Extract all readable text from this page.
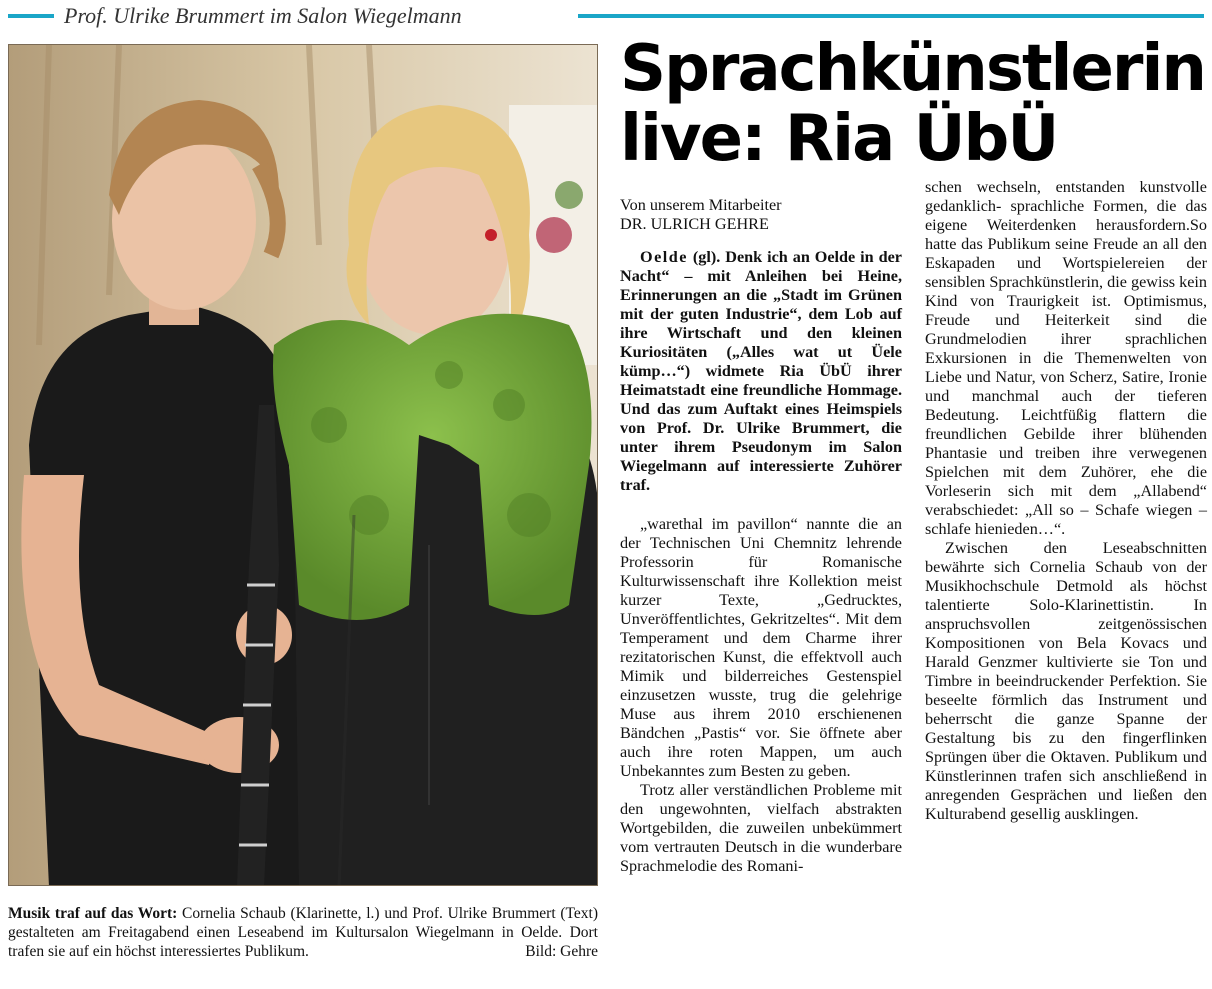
Prof. Ulrike Brummert im Salon Wiegelmann
Musik traf auf das Wort: Cornelia Schaub (Klarinette, l.) und Prof. Ulrike Brummert (Text) gestalteten am Freitagabend einen Leseabend im Kultursalon Wiegelmann in Oelde. Dort trafen sie auf ein höchst interessiertes Publikum.	Bild: Gehre
Sprachkünstlerin
live: Ria ÜbÜ
Von unserem Mitarbeiter
DR. ULRICH GEHRE

Oelde (gl). Denk ich an Oelde in der Nacht“ – mit Anleihen bei Heine, Erinnerungen an die „Stadt im Grünen mit der guten Industrie“, dem Lob auf ihre Wirtschaft und den kleinen Kuriositäten („Alles wat ut Üele kümp…“) widmete Ria ÜbÜ ihrer Heimatstadt eine freundliche Hommage. Und das zum Auftakt eines Heimspiels von Prof. Dr. Ulrike Brummert, die unter ihrem Pseudonym im Salon Wiegelmann auf interessierte Zuhörer traf.

„warethal im pavillon“ nannte die an der Technischen Uni Chemnitz lehrende Professorin für Romanische Kulturwissenschaft ihre Kollektion meist kurzer Texte, „Gedrucktes, Unveröffentlichtes, Gekritzeltes“. Mit dem Temperament und dem Charme ihrer rezitatorischen Kunst, die effektvoll auch Mimik und bilderreiches Gestenspiel einzusetzen wusste, trug die gelehrige Muse aus ihrem 2010 erschienenen Bändchen „Pastis“ vor. Sie öffnete aber auch ihre roten Mappen, um auch Unbekanntes zum Besten zu geben.

Trotz aller verständlichen Probleme mit den ungewohnten, vielfach abstrakten Wortgebilden, die zuweilen unbekümmert vom vertrauten Deutsch in die wunderbare Sprachmelodie des Romani-

schen wechseln, entstanden kunstvolle gedanklich- sprachliche Formen, die das eigene Weiterdenken herausfordern.So hatte das Publikum seine Freude an all den Eskapaden und Wortspielereien der sensiblen Sprachkünstlerin, die gewiss kein Kind von Traurigkeit ist. Optimismus, Freude und Heiterkeit sind die Grundmelodien ihrer sprachlichen Exkursionen in die Themenwelten von Liebe und Natur, von Scherz, Satire, Ironie und manchmal auch der tieferen Bedeutung. Leichtfüßig flattern die freundlichen Gebilde ihrer blühenden Phantasie und treiben ihre verwegenen Spielchen mit dem Zuhörer, ehe die Vorleserin sich mit dem „Allabend“ verabschiedet: „All so – Schafe wiegen – schlafe hienieden…“.

Zwischen den Leseabschnitten bewährte sich Cornelia Schaub von der Musikhochschule Detmold als höchst talentierte Solo-Klarinettistin. In anspruchsvollen zeitgenössischen Kompositionen von Bela Kovacs und Harald Genzmer kultivierte sie Ton und Timbre in beeindruckender Perfektion. Sie beseelte förmlich das Instrument und beherrscht die ganze Spanne der Gestaltung bis zu den fingerflinken Sprüngen über die Oktaven. Publikum und Künstlerinnen trafen sich anschließend in anregenden Gesprächen und ließen den Kulturabend gesellig ausklingen.
